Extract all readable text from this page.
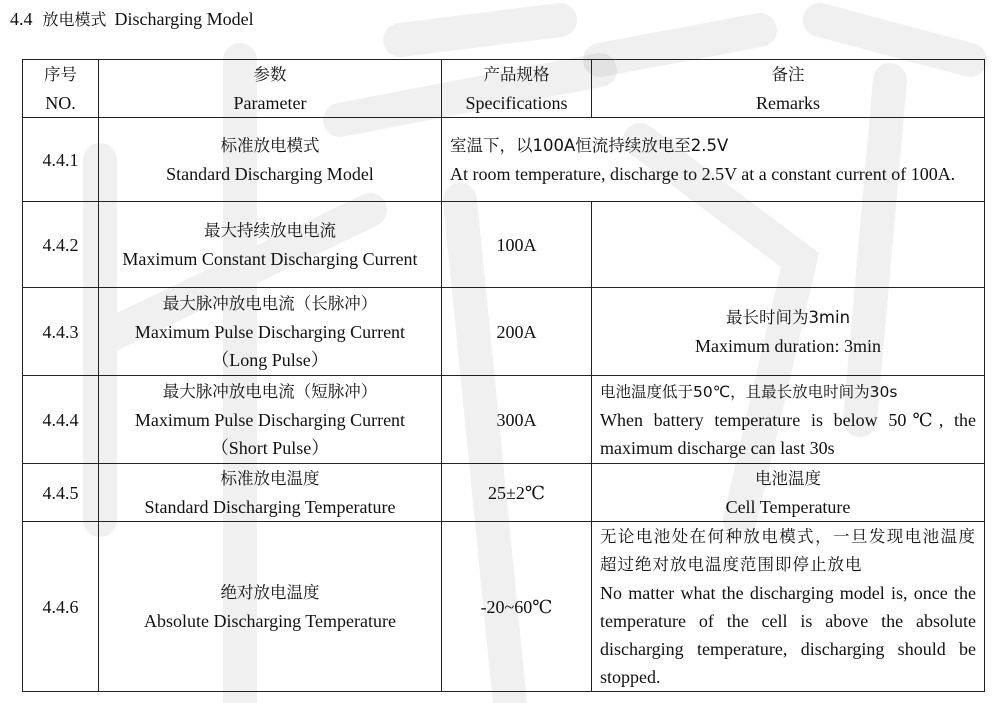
4.4 放电模式 Discharging Model
序号
NO.	参数
Parameter	产品规格
Specifications	备注
Remarks

4.4.1	标准放电模式
Standard Discharging Model	室温下，以100A恒流持续放电至2.5V
At room temperature, discharge to 2.5V at a constant current of 100A.	

4.4.2	最大持续放电电流
Maximum Constant Discharging Current	100A	

4.4.3	最大脉冲放电电流（长脉冲）
Maximum Pulse Discharging Current
（Long Pulse）	200A	最长时间为3min
Maximum duration: 3min

4.4.4	最大脉冲放电电流（短脉冲）
Maximum Pulse Discharging Current
（Short Pulse）	300A	电池温度低于50℃，且最长放电时间为30s
When battery temperature is below 50℃, the maximum discharge can last 30s

4.4.5	标准放电温度
Standard Discharging Temperature	25±2℃	电池温度
Cell Temperature

4.4.6	绝对放电温度
Absolute Discharging Temperature	-20~60℃	无论电池处在何种放电模式，一旦发现电池温度超过绝对放电温度范围即停止放电
No matter what the discharging model is, once the temperature of the cell is above the absolute discharging temperature, discharging should be stopped.
